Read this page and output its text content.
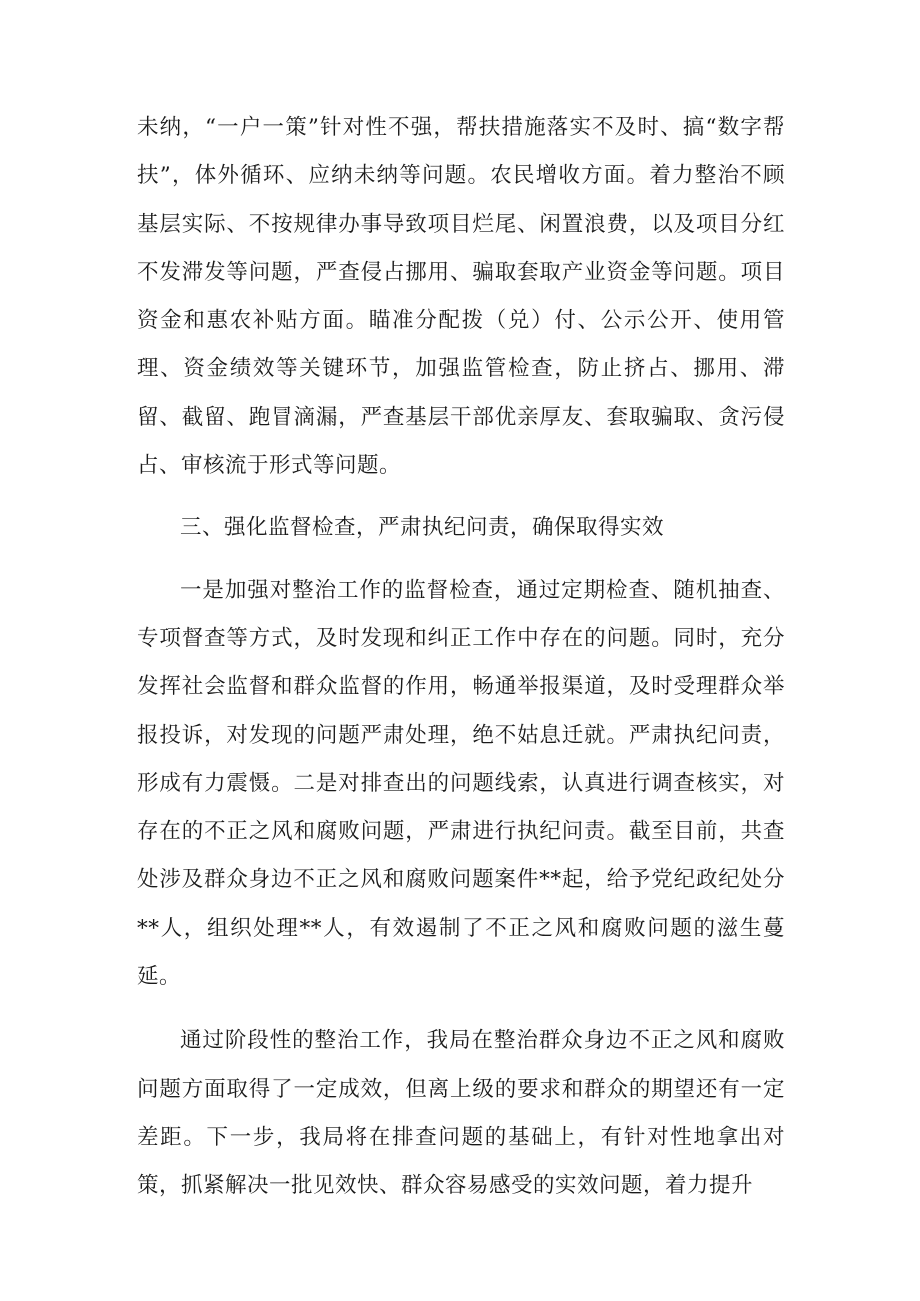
未纳，“一户一策”针对性不强，帮扶措施落实不及时、搞“数字帮扶”，体外循环、应纳未纳等问题。农民增收方面。着力整治不顾基层实际、不按规律办事导致项目烂尾、闲置浪费，以及项目分红不发滞发等问题，严查侵占挪用、骗取套取产业资金等问题。项目资金和惠农补贴方面。瞄准分配拨（兑）付、公示公开、使用管理、资金绩效等关键环节，加强监管检查，防止挤占、挪用、滞留、截留、跑冒滴漏，严查基层干部优亲厚友、套取骗取、贪污侵占、审核流于形式等问题。

三、强化监督检查，严肃执纪问责，确保取得实效

一是加强对整治工作的监督检查，通过定期检查、随机抽查、专项督查等方式，及时发现和纠正工作中存在的问题。同时，充分发挥社会监督和群众监督的作用，畅通举报渠道，及时受理群众举报投诉，对发现的问题严肃处理，绝不姑息迁就。严肃执纪问责，形成有力震慑。二是对排查出的问题线索，认真进行调查核实，对存在的不正之风和腐败问题，严肃进行执纪问责。截至目前，共查处涉及群众身边不正之风和腐败问题案件**起，给予党纪政纪处分**人，组织处理**人，有效遏制了不正之风和腐败问题的滋生蔓延。

通过阶段性的整治工作，我局在整治群众身边不正之风和腐败问题方面取得了一定成效，但离上级的要求和群众的期望还有一定差距。下一步，我局将在排查问题的基础上，有针对性地拿出对策，抓紧解决一批见效快、群众容易感受的实效问题，着力提升
